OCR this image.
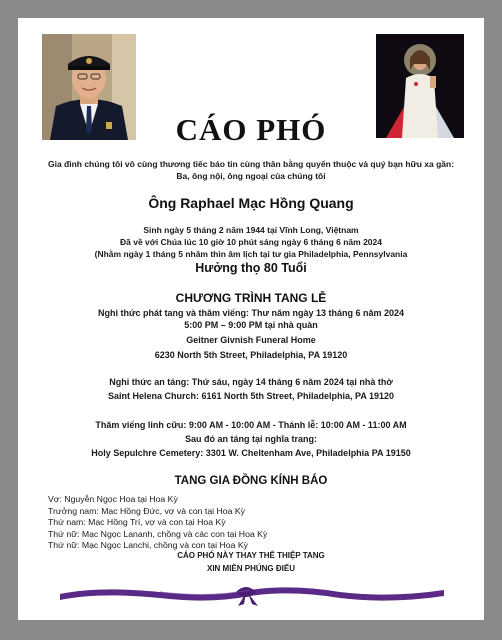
CÁO PHÓ
Gia đình chúng tôi vô cùng thương tiếc báo tin cùng thân bằng quyến thuộc và quý bạn hữu xa gần:
Ba, ông nội, ông ngoại của chúng tôi
Ông Raphael Mạc Hồng Quang
Sinh ngày 5 tháng 2 năm 1944 tại Vĩnh Long, Việtnam
Đã về với Chúa lúc 10 giờ 10 phút sáng ngày 6 tháng 6 năm 2024
(Nhằm ngày 1 tháng 5 nhâm thìn âm lịch tại tư gia Philadelphia, Pennsylvania
Hưởng thọ 80 Tuổi
CHƯƠNG TRÌNH TANG LỄ
Nghi thức phát tang và thăm viếng: Thư năm ngày 13 tháng 6 năm 2024
5:00 PM – 9:00 PM tại nhà quàn
Geitner Givnish Funeral Home
6230 North 5th Street, Philadelphia, PA 19120
Nghi thức an táng: Thứ sáu, ngày 14 tháng 6 năm 2024 tại nhà thờ
Saint Helena Church: 6161 North 5th Street, Philadelphia, PA 19120
Thăm viếng linh cữu: 9:00 AM - 10:00 AM - Thánh lễ: 10:00 AM - 11:00 AM
Sau đó an táng tại nghĩa trang:
Holy Sepulchre Cemetery: 3301 W. Cheltenham Ave, Philadelphia PA 19150
TANG GIA ĐỒNG KÍNH BÁO
Vợ: Nguyễn Ngọc Hoa tại Hoa Kỳ
Trưởng nam: Mạc Hồng Đức, vợ và con tại Hoa Kỳ
Thứ nam: Mạc Hồng Trí, vợ và con tại Hoa Kỳ
Thứ nữ: Mạc Ngọc Lananh, chồng và các con tại Hoa Kỳ
Thứ nữ: Mạc Ngọc Lanchi, chồng và con tại Hoa Kỳ
CÁO PHÓ NÀY THAY THẾ THIỆP TANG
XIN MIỄN PHÚNG ĐIẾU
